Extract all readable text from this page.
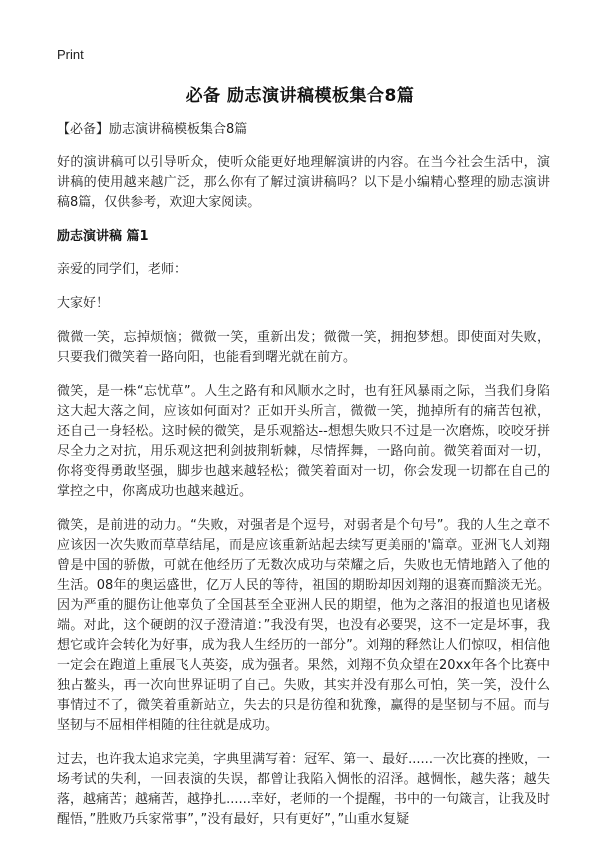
Print
必备 励志演讲稿模板集合8篇

【必备】励志演讲稿模板集合8篇

好的演讲稿可以引导听众，使听众能更好地理解演讲的内容。在当今社会生活中，演讲稿的使用越来越广泛，那么你有了解过演讲稿吗？以下是小编精心整理的励志演讲稿8篇，仅供参考，欢迎大家阅读。

励志演讲稿 篇1

亲爱的同学们，老师：

大家好！

微微一笑，忘掉烦恼；微微一笑，重新出发；微微一笑，拥抱梦想。即使面对失败，只要我们微笑着一路向阳，也能看到曙光就在前方。

微笑，是一株“忘忧草”。人生之路有和风顺水之时，也有狂风暴雨之际，当我们身陷这大起大落之间，应该如何面对？正如开头所言，微微一笑，抛掉所有的痛苦包袱，还自己一身轻松。这时候的微笑，是乐观豁达--想想失败只不过是一次磨炼，咬咬牙拼尽全力之对抗，用乐观这把利剑披荆斩棘，尽情挥舞，一路向前。微笑着面对一切，你将变得勇敢坚强，脚步也越来越轻松；微笑着面对一切，你会发现一切都在自己的掌控之中，你离成功也越来越近。

微笑，是前进的动力。“失败，对强者是个逗号，对弱者是个句号”。我的人生之章不应该因一次失败而草草结尾，而是应该重新站起去续写更美丽的'篇章。亚洲飞人刘翔曾是中国的骄傲，可就在他经历了无数次成功与荣耀之后，失败也无情地踏入了他的生活。08年的奥运盛世，亿万人民的等待，祖国的期盼却因刘翔的退赛而黯淡无光。因为严重的腿伤让他辜负了全国甚至全亚洲人民的期望，他为之落泪的报道也见诸极端。对此，这个硬朗的汉子澄清道：”我没有哭，也没有必要哭，这不一定是坏事，我想它或许会转化为好事，成为我人生经历的一部分”。刘翔的释然让人们惊叹，相信他一定会在跑道上重展飞人英姿，成为强者。果然，刘翔不负众望在20xx年各个比赛中独占鳌头，再一次向世界证明了自己。失败，其实并没有那么可怕，笑一笑，没什么事情过不了，微笑着重新站立，失去的只是彷徨和犹豫，赢得的是坚韧与不屈。而与坚韧与不屈相伴相随的往往就是成功。

过去，也许我太追求完美，字典里满写着：冠军、第一、最好......一次比赛的挫败，一场考试的失利，一回表演的失误，都曾让我陷入惆怅的沼泽。越惆怅，越失落；越失落，越痛苦；越痛苦，越挣扎......幸好，老师的一个提醒，书中的一句箴言，让我及时醒悟，”胜败乃兵家常事”，”没有最好，只有更好”，”山重水复疑
